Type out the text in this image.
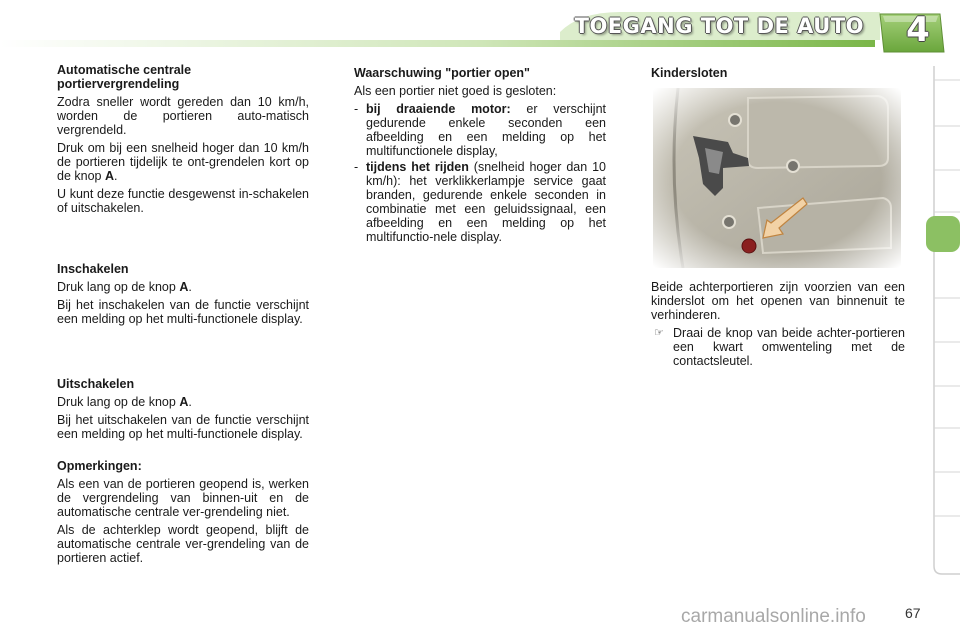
TOEGANG TOT DE AUTO	4

Automatische centrale portiervergrendeling

Zodra sneller wordt gereden dan 10 km/h, worden de portieren auto-matisch vergrendeld.

Druk om bij een snelheid hoger dan 10 km/h de portieren tijdelijk te ont-grendelen kort op de knop A.

U kunt deze functie desgewenst in-schakelen of uitschakelen.

Inschakelen

Druk lang op de knop A.

Bij het inschakelen van de functie verschijnt een melding op het multi-functionele display.

Uitschakelen

Druk lang op de knop A.

Bij het uitschakelen van de functie verschijnt een melding op het multi-functionele display.

Opmerkingen:

Als een van de portieren geopend is, werken de vergrendeling van binnen-uit en de automatische centrale ver-grendeling niet.

Als de achterklep wordt geopend, blijft de automatische centrale ver-grendeling van de portieren actief.

Waarschuwing "portier open"

Als een portier niet goed is gesloten:

- bij draaiende motor: er verschijnt gedurende enkele seconden een afbeelding en een melding op het multifunctionele display,
- tijdens het rijden (snelheid hoger dan 10 km/h): het verklikkerlampje service gaat branden, gedurende enkele seconden in combinatie met een geluidssignaal, een afbeelding en een melding op het multifunctio-nele display.

Kindersloten

Beide achterportieren zijn voorzien van een kinderslot om het openen van binnenuit te verhinderen.

☞ Draai de knop van beide achter-portieren een kwart omwenteling met de contactsleutel.
carmanualsonline.info	67
